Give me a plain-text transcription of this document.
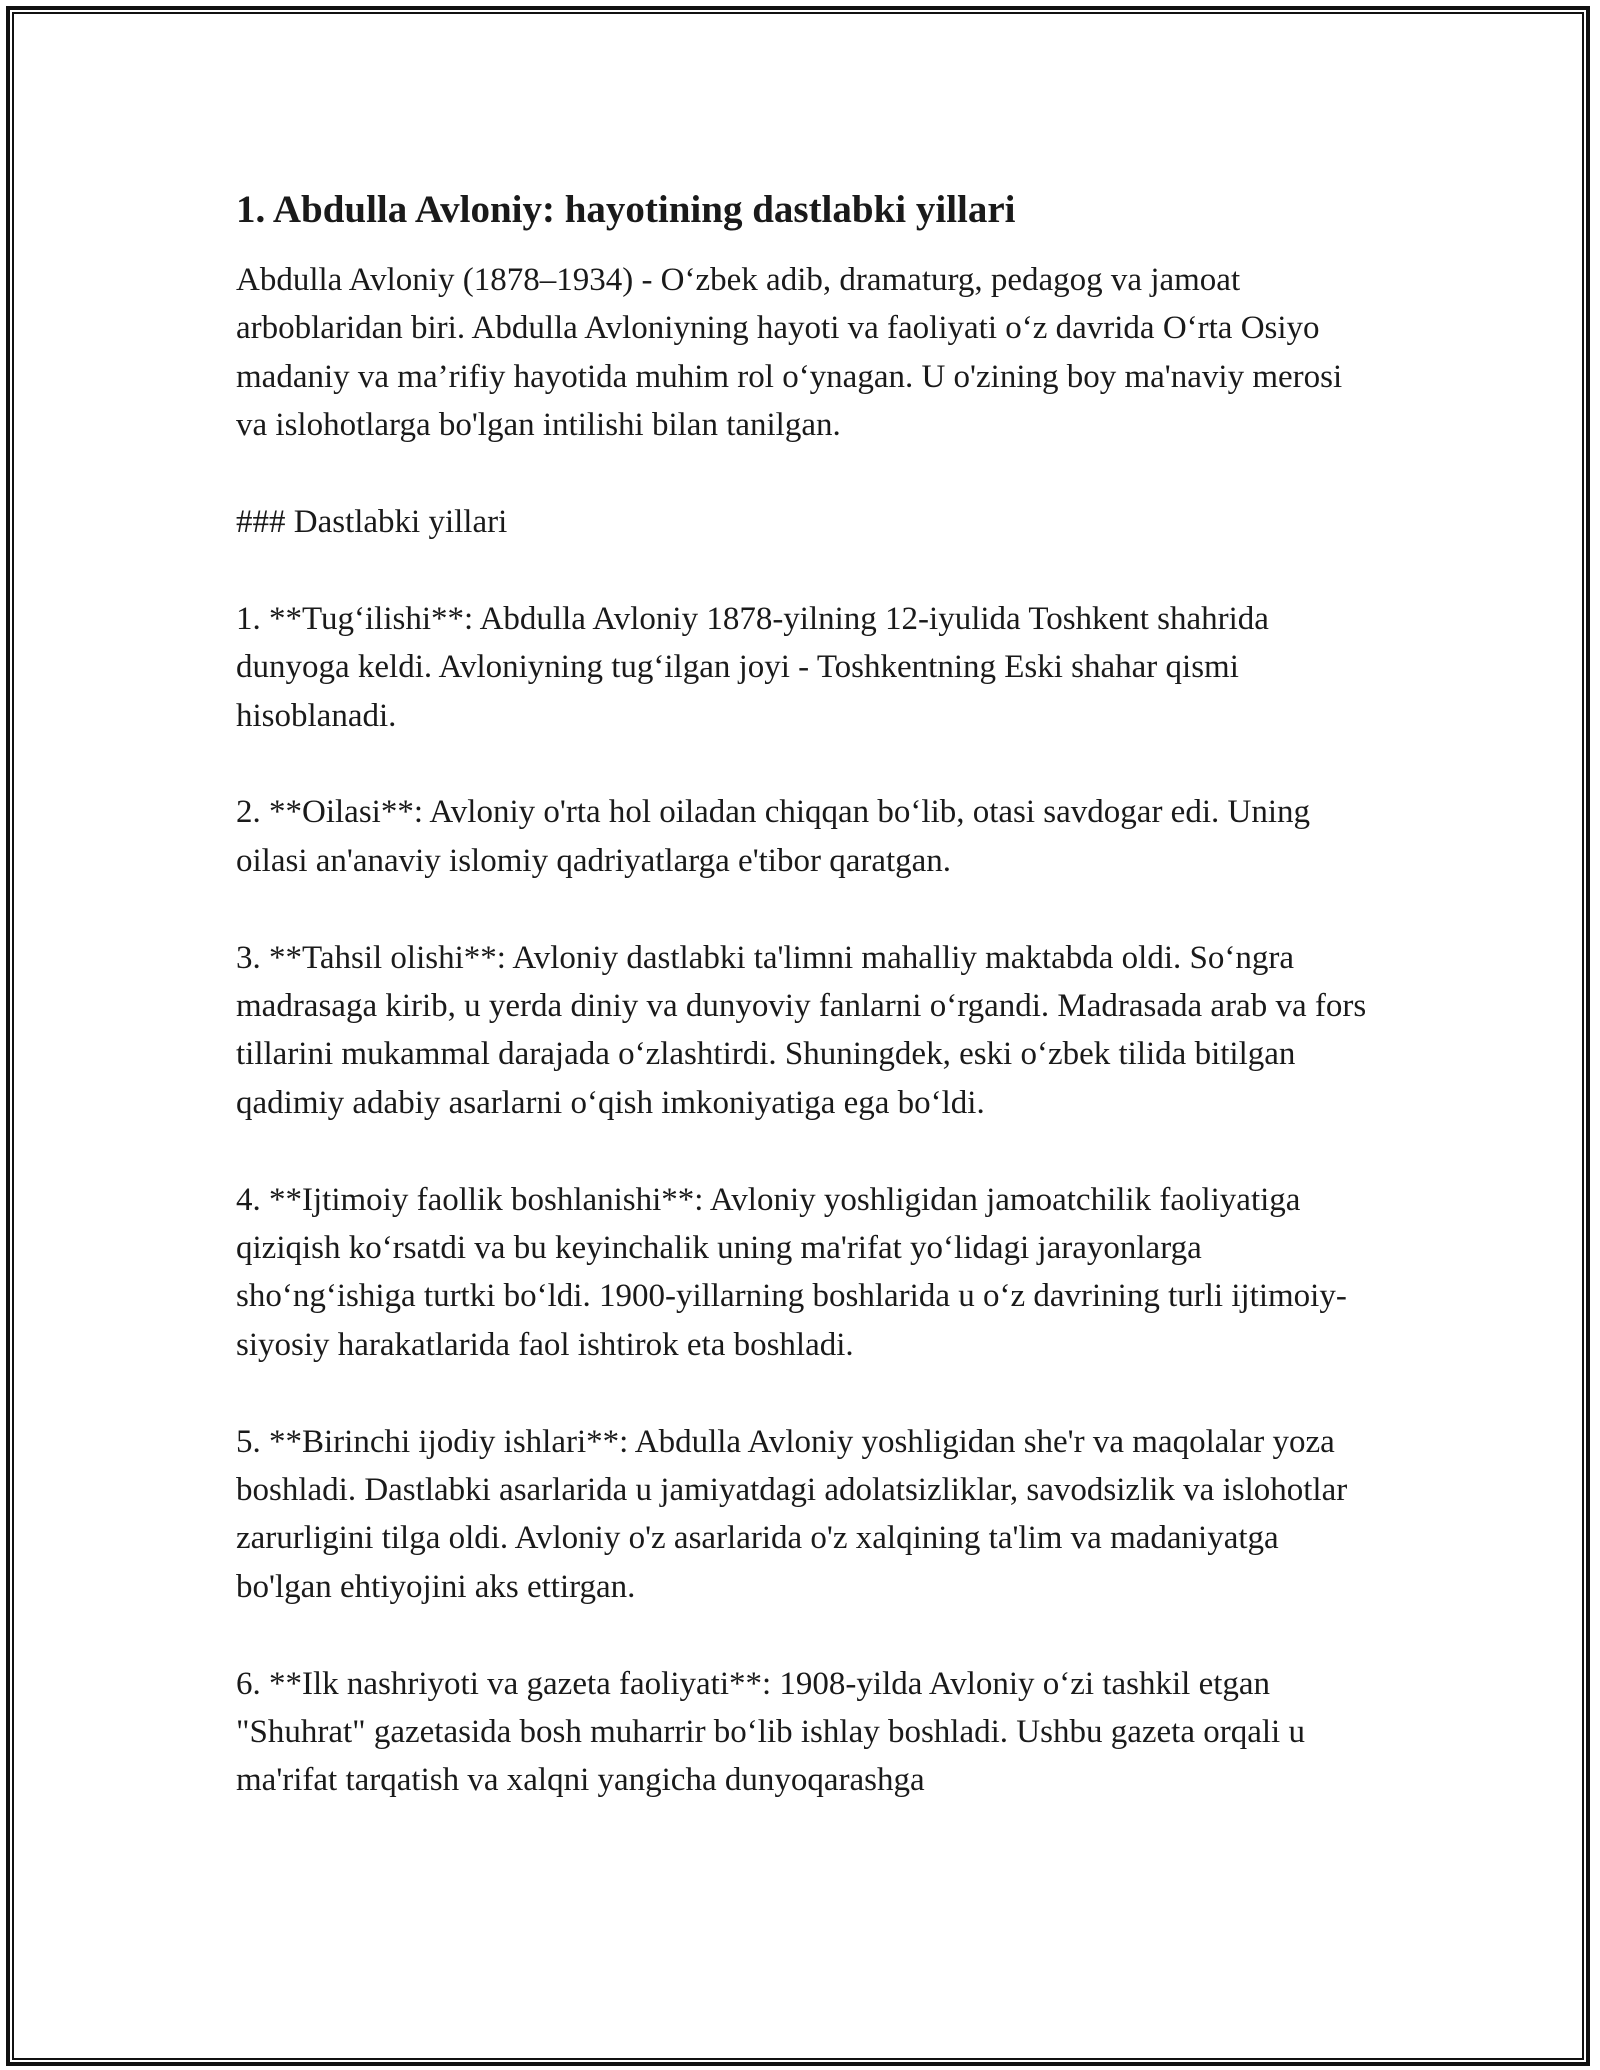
1. Abdulla Avloniy: hayotining dastlabki yillari

Abdulla Avloniy (1878–1934) - O‘zbek adib, dramaturg, pedagog va jamoat arboblaridan biri. Abdulla Avloniyning hayoti va faoliyati o‘z davrida O‘rta Osiyo madaniy va ma’rifiy hayotida muhim rol o‘ynagan. U o'zining boy ma'naviy merosi va islohotlarga bo'lgan intilishi bilan tanilgan.

### Dastlabki yillari

1. **Tug‘ilishi**: Abdulla Avloniy 1878-yilning 12-iyulida Toshkent shahrida dunyoga keldi. Avloniyning tug‘ilgan joyi - Toshkentning Eski shahar qismi hisoblanadi.

2. **Oilasi**: Avloniy o'rta hol oiladan chiqqan bo‘lib, otasi savdogar edi. Uning oilasi an'anaviy islomiy qadriyatlarga e'tibor qaratgan.

3. **Tahsil olishi**: Avloniy dastlabki ta'limni mahalliy maktabda oldi. So‘ngra madrasaga kirib, u yerda diniy va dunyoviy fanlarni o‘rgandi. Madrasada arab va fors tillarini mukammal darajada o‘zlashtirdi. Shuningdek, eski o‘zbek tilida bitilgan qadimiy adabiy asarlarni o‘qish imkoniyatiga ega bo‘ldi.

4. **Ijtimoiy faollik boshlanishi**: Avloniy yoshligidan jamoatchilik faoliyatiga qiziqish ko‘rsatdi va bu keyinchalik uning ma'rifat yo‘lidagi jarayonlarga sho‘ng‘ishiga turtki bo‘ldi. 1900-yillarning boshlarida u o‘z davrining turli ijtimoiy-siyosiy harakatlarida faol ishtirok eta boshladi.

5. **Birinchi ijodiy ishlari**: Abdulla Avloniy yoshligidan she'r va maqolalar yoza boshladi. Dastlabki asarlarida u jamiyatdagi adolatsizliklar, savodsizlik va islohotlar zarurligini tilga oldi. Avloniy o'z asarlarida o'z xalqining ta'lim va madaniyatga bo'lgan ehtiyojini aks ettirgan.

6. **Ilk nashriyoti va gazeta faoliyati**: 1908-yilda Avloniy o‘zi tashkil etgan "Shuhrat" gazetasida bosh muharrir bo‘lib ishlay boshladi. Ushbu gazeta orqali u ma'rifat tarqatish va xalqni yangicha dunyoqarashga
